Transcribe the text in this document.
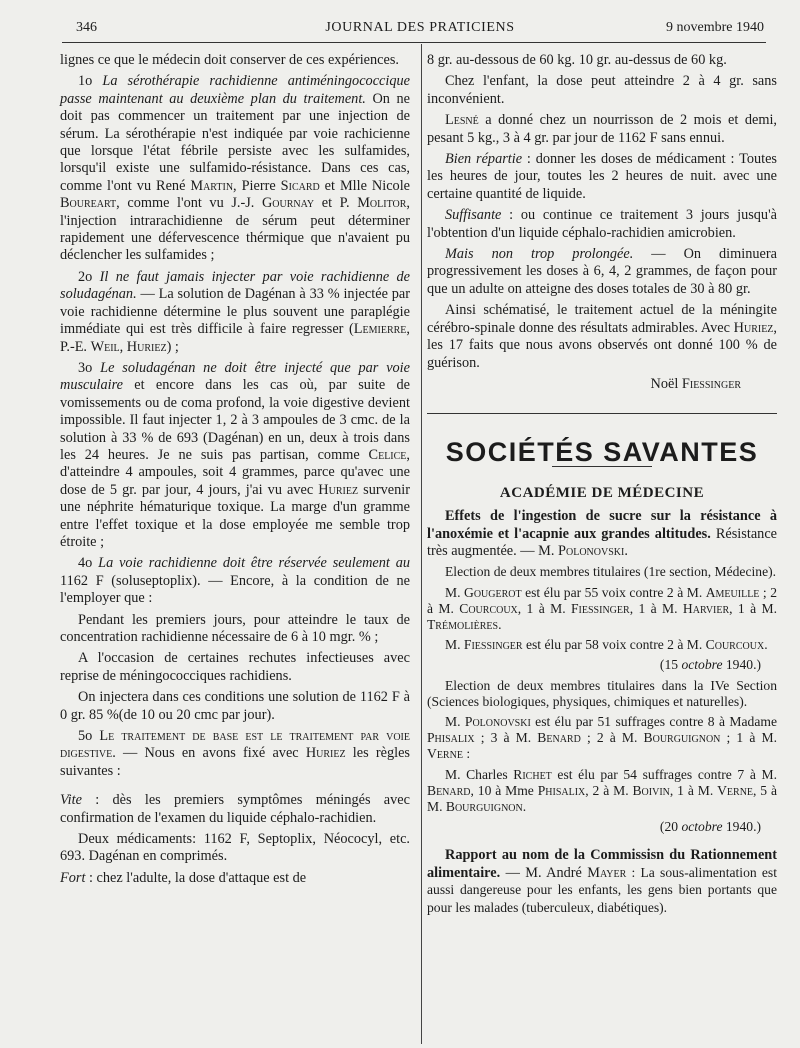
346	JOURNAL DES PRATICIENS	9 novembre 1940

lignes ce que le médecin doit conserver de ces expériences.

1o La sérothérapie rachidienne antiméningococcique passe maintenant au deuxième plan du traitement. On ne doit pas commencer un traitement par une injection de sérum. La sérothérapie n'est indiquée par voie rachicienne que lorsque l'état fébrile persiste avec les sulfamides, lorsqu'il existe une sulfamido-résistance. Dans ces cas, comme l'ont vu René Martin, Pierre Sicard et Mlle Nicole Boureart, comme l'ont vu J.-J. Gournay et P. Molitor, l'injection intrarachidienne de sérum peut déterminer rapidement une défervescence thérmique que n'avaient pu déclencher les sulfamides ;

2o Il ne faut jamais injecter par voie rachidienne de soludagénan. — La solution de Dagénan à 33 % injectée par voie rachidienne détermine le plus souvent une paraplégie immédiate qui est très difficile à faire regresser (Lemierre, P.-E. Weil, Huriez) ;

3o Le soludagénan ne doit être injecté que par voie musculaire et encore dans les cas où, par suite de vomissements ou de coma profond, la voie digestive devient impossible. Il faut injecter 1, 2 à 3 ampoules de 3 cmc. de la solution à 33 % de 693 (Dagénan) en un, deux à trois dans les 24 heures. Je ne suis pas partisan, comme Celice, d'atteindre 4 ampoules, soit 4 grammes, parce qu'avec une dose de 5 gr. par jour, 4 jours, j'ai vu avec Huriez survenir une néphrite hématurique toxique. La marge d'un gramme entre l'effet toxique et la dose employée me semble trop étroite ;

4o La voie rachidienne doit être réservée seulement au 1162 F (soluseptoplix). — Encore, à la condition de ne l'employer que :

Pendant les premiers jours, pour atteindre le taux de concentration rachidienne nécessaire de 6 à 10 mgr. % ;

A l'occasion de certaines rechutes infectieuses avec reprise de méningococciques rachidiens.

On injectera dans ces conditions une solution de 1162 F à 0 gr. 85 %(de 10 ou 20 cmc par jour).

5o Le traitement de base est le traitement par voie digestive. — Nous en avons fixé avec Huriez les règles suivantes :

Vite : dès les premiers symptômes méningés avec confirmation de l'examen du liquide céphalo-rachidien.

Deux médicaments: 1162 F, Septoplix, Néococyl, etc. 693. Dagénan en comprimés.

Fort : chez l'adulte, la dose d'attaque est de

8 gr. au-dessous de 60 kg. 10 gr. au-dessus de 60 kg.

Chez l'enfant, la dose peut atteindre 2 à 4 gr. sans inconvénient.

Lesné a donné chez un nourrisson de 2 mois et demi, pesant 5 kg., 3 à 4 gr. par jour de 1162 F sans ennui.

Bien répartie : donner les doses de médicament : Toutes les heures de jour, toutes les 2 heures de nuit. avec une certaine quantité de liquide.

Suffisante : ou continue ce traitement 3 jours jusqu'à l'obtention d'un liquide céphalo-rachidien amicrobien.

Mais non trop prolongée. — On diminuera progressivement les doses à 6, 4, 2 grammes, de façon pour que un adulte on atteigne des doses totales de 30 à 80 gr.

Ainsi schématisé, le traitement actuel de la méningite cérébro-spinale donne des résultats admirables. Avec Huriez, les 17 faits que nous avons observés ont donné 100 % de guérison.

Noël Fiessinger

SOCIÉTÉS SAVANTES
ACADÉMIE DE MÉDECINE

Effets de l'ingestion de sucre sur la résistance à l'anoxémie et l'acapnie aux grandes altitudes. Résistance très augmentée. — M. Polonovski.

Election de deux membres titulaires (1re section, Médecine).

M. Gougerot est élu par 55 voix contre 2 à M. Ameuille ; 2 à M. Courcoux, 1 à M. Fiessinger, 1 à M. Harvier, 1 à M. Trémolières.

M. Fiessinger est élu par 58 voix contre 2 à M. Courcoux.

(15 octobre 1940.)

Election de deux membres titulaires dans la IVe Section (Sciences biologiques, physiques, chimiques et naturelles).

M. Polonovski est élu par 51 suffrages contre 8 à Madame Phisalix ; 3 à M. Benard ; 2 à M. Bourguignon ; 1 à M. Verne :

M. Charles Richet est élu par 54 suffrages contre 7 à M. Benard, 10 à Mme Phisalix, 2 à M. Boivin, 1 à M. Verne, 5 à M. Bourguignon.

(20 octobre 1940.)

Rapport au nom de la Commissisn du Rationnement alimentaire. — M. André Mayer : La sous-alimentation est aussi dangereuse pour les enfants, les gens bien portants que pour les malades (tuberculeux, diabétiques).
